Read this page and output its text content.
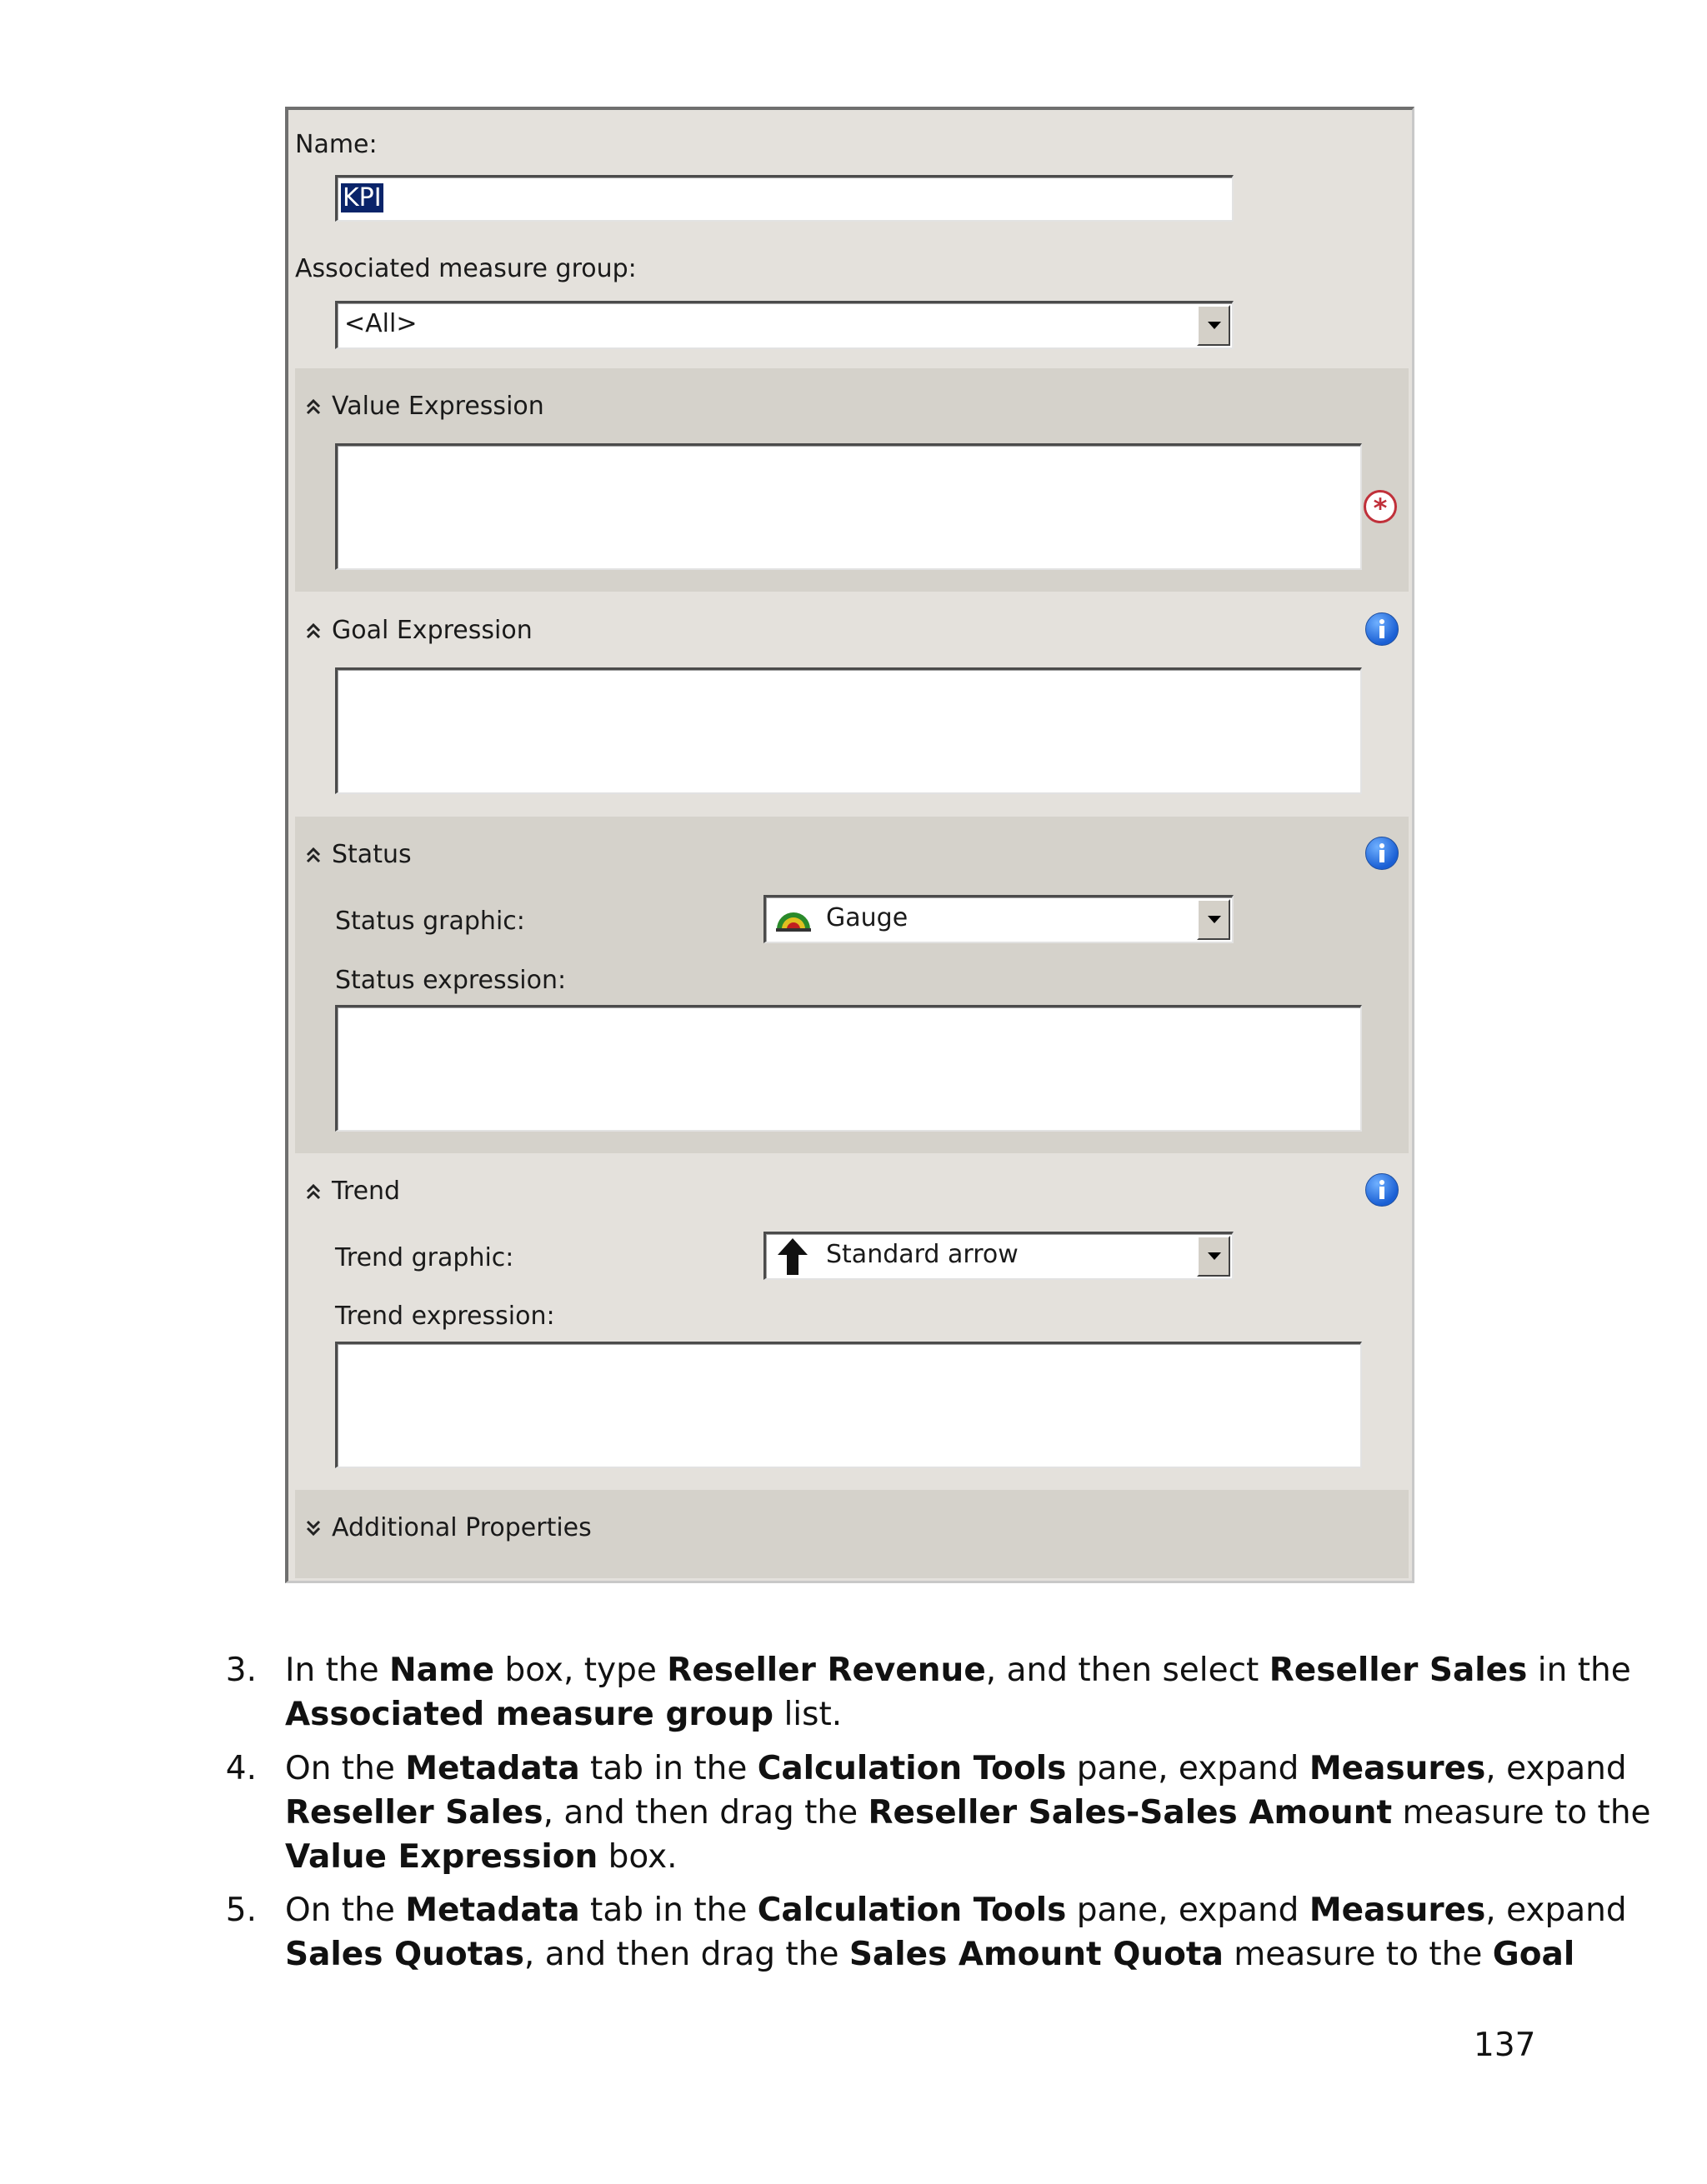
Name:
KPI
Associated measure group:
<All>
Value Expression
*
Goal Expression
Status
Status graphic:	Gauge
Status expression:
Trend
Trend graphic:	Standard arrow
Trend expression:
Additional Properties
3. In the Name box, type Reseller Revenue, and then select Reseller Sales in the
Associated measure group list.
4. On the Metadata tab in the Calculation Tools pane, expand Measures, expand
Reseller Sales, and then drag the Reseller Sales-Sales Amount measure to the
Value Expression box.
5. On the Metadata tab in the Calculation Tools pane, expand Measures, expand
Sales Quotas, and then drag the Sales Amount Quota measure to the Goal
137
